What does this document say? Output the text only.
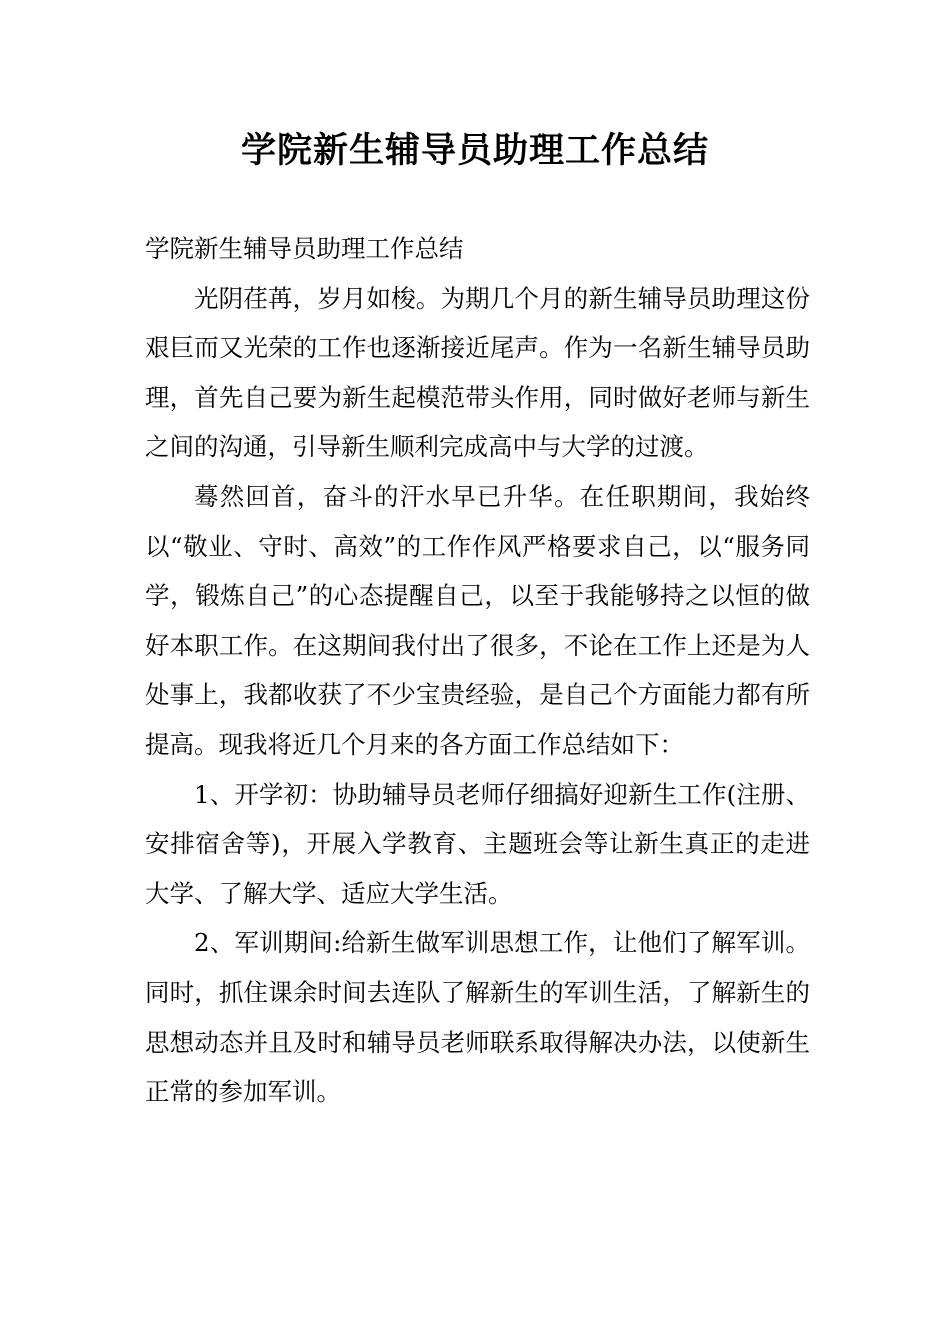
学院新生辅导员助理工作总结

学院新生辅导员助理工作总结

光阴荏苒，岁月如梭。为期几个月的新生辅导员助理这份艰巨而又光荣的工作也逐渐接近尾声。作为一名新生辅导员助理，首先自己要为新生起模范带头作用，同时做好老师与新生之间的沟通，引导新生顺利完成高中与大学的过渡。

蓦然回首，奋斗的汗水早已升华。在任职期间，我始终以“敬业、守时、高效”的工作作风严格要求自己，以“服务同学，锻炼自己”的心态提醒自己，以至于我能够持之以恒的做好本职工作。在这期间我付出了很多，不论在工作上还是为人处事上，我都收获了不少宝贵经验，是自己个方面能力都有所提高。现我将近几个月来的各方面工作总结如下：

1、开学初：协助辅导员老师仔细搞好迎新生工作(注册、安排宿舍等)，开展入学教育、主题班会等让新生真正的走进大学、了解大学、适应大学生活。

2、军训期间:给新生做军训思想工作，让他们了解军训。同时，抓住课余时间去连队了解新生的军训生活，了解新生的思想动态并且及时和辅导员老师联系取得解决办法，以使新生正常的参加军训。
